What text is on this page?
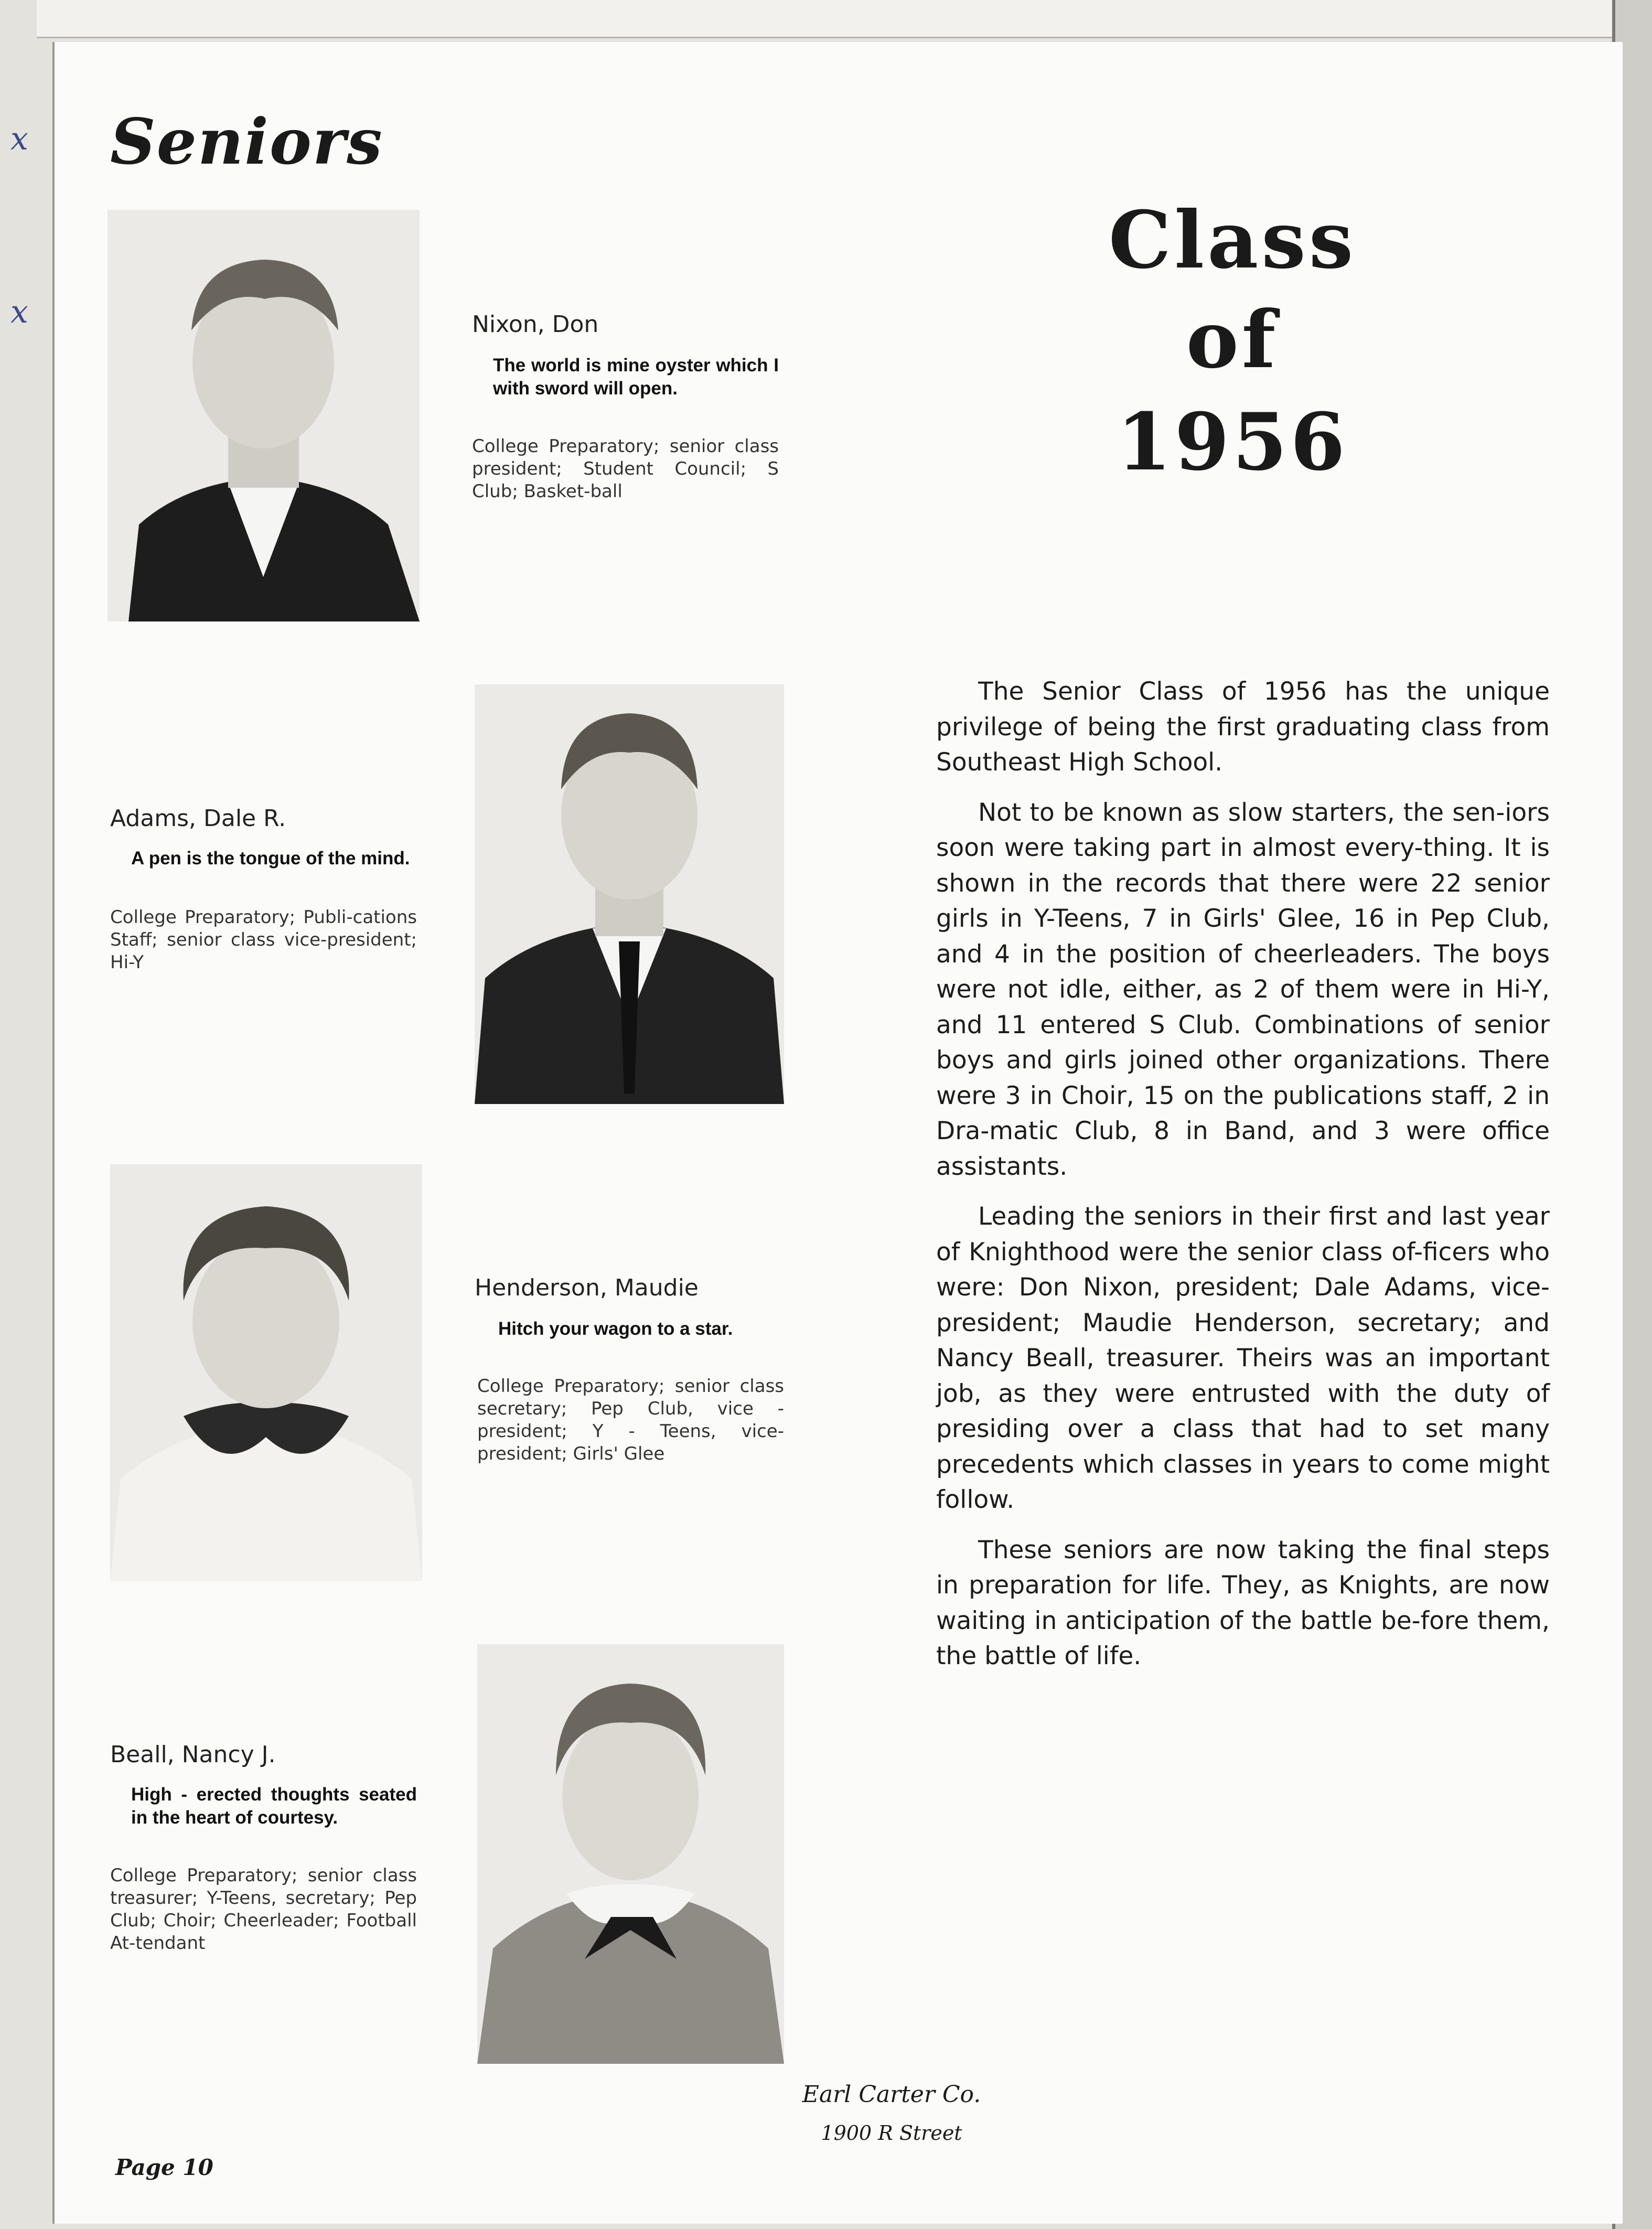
x
x
Seniors
Class
of
1956
Nixon, Don
The world is mine oyster which I with sword will open.
College Preparatory; senior class president; Student Council; S Club; Basket-ball
Adams, Dale R.
A pen is the tongue of the mind.
College Preparatory; Publi-cations Staff; senior class vice-president; Hi-Y
Henderson, Maudie
Hitch your wagon to a star.
College Preparatory; senior class secretary; Pep Club, vice - president; Y - Teens, vice-president; Girls' Glee
Beall, Nancy J.
High - erected thoughts seated in the heart of courtesy.
College Preparatory; senior class treasurer; Y-Teens, secretary; Pep Club; Choir; Cheerleader; Football At-tendant

The Senior Class of 1956 has the unique privilege of being the first graduating class from Southeast High School.

Not to be known as slow starters, the sen-iors soon were taking part in almost every-thing. It is shown in the records that there were 22 senior girls in Y-Teens, 7 in Girls' Glee, 16 in Pep Club, and 4 in the position of cheerleaders. The boys were not idle, either, as 2 of them were in Hi-Y, and 11 entered S Club. Combinations of senior boys and girls joined other organizations. There were 3 in Choir, 15 on the publications staff, 2 in Dra-matic Club, 8 in Band, and 3 were office assistants.

Leading the seniors in their first and last year of Knighthood were the senior class of-ficers who were: Don Nixon, president; Dale Adams, vice-president; Maudie Henderson, secretary; and Nancy Beall, treasurer. Theirs was an important job, as they were entrusted with the duty of presiding over a class that had to set many precedents which classes in years to come might follow.

These seniors are now taking the final steps in preparation for life. They, as Knights, are now waiting in anticipation of the battle be-fore them, the battle of life.

Earl Carter Co.
1900 R Street
Page 10
